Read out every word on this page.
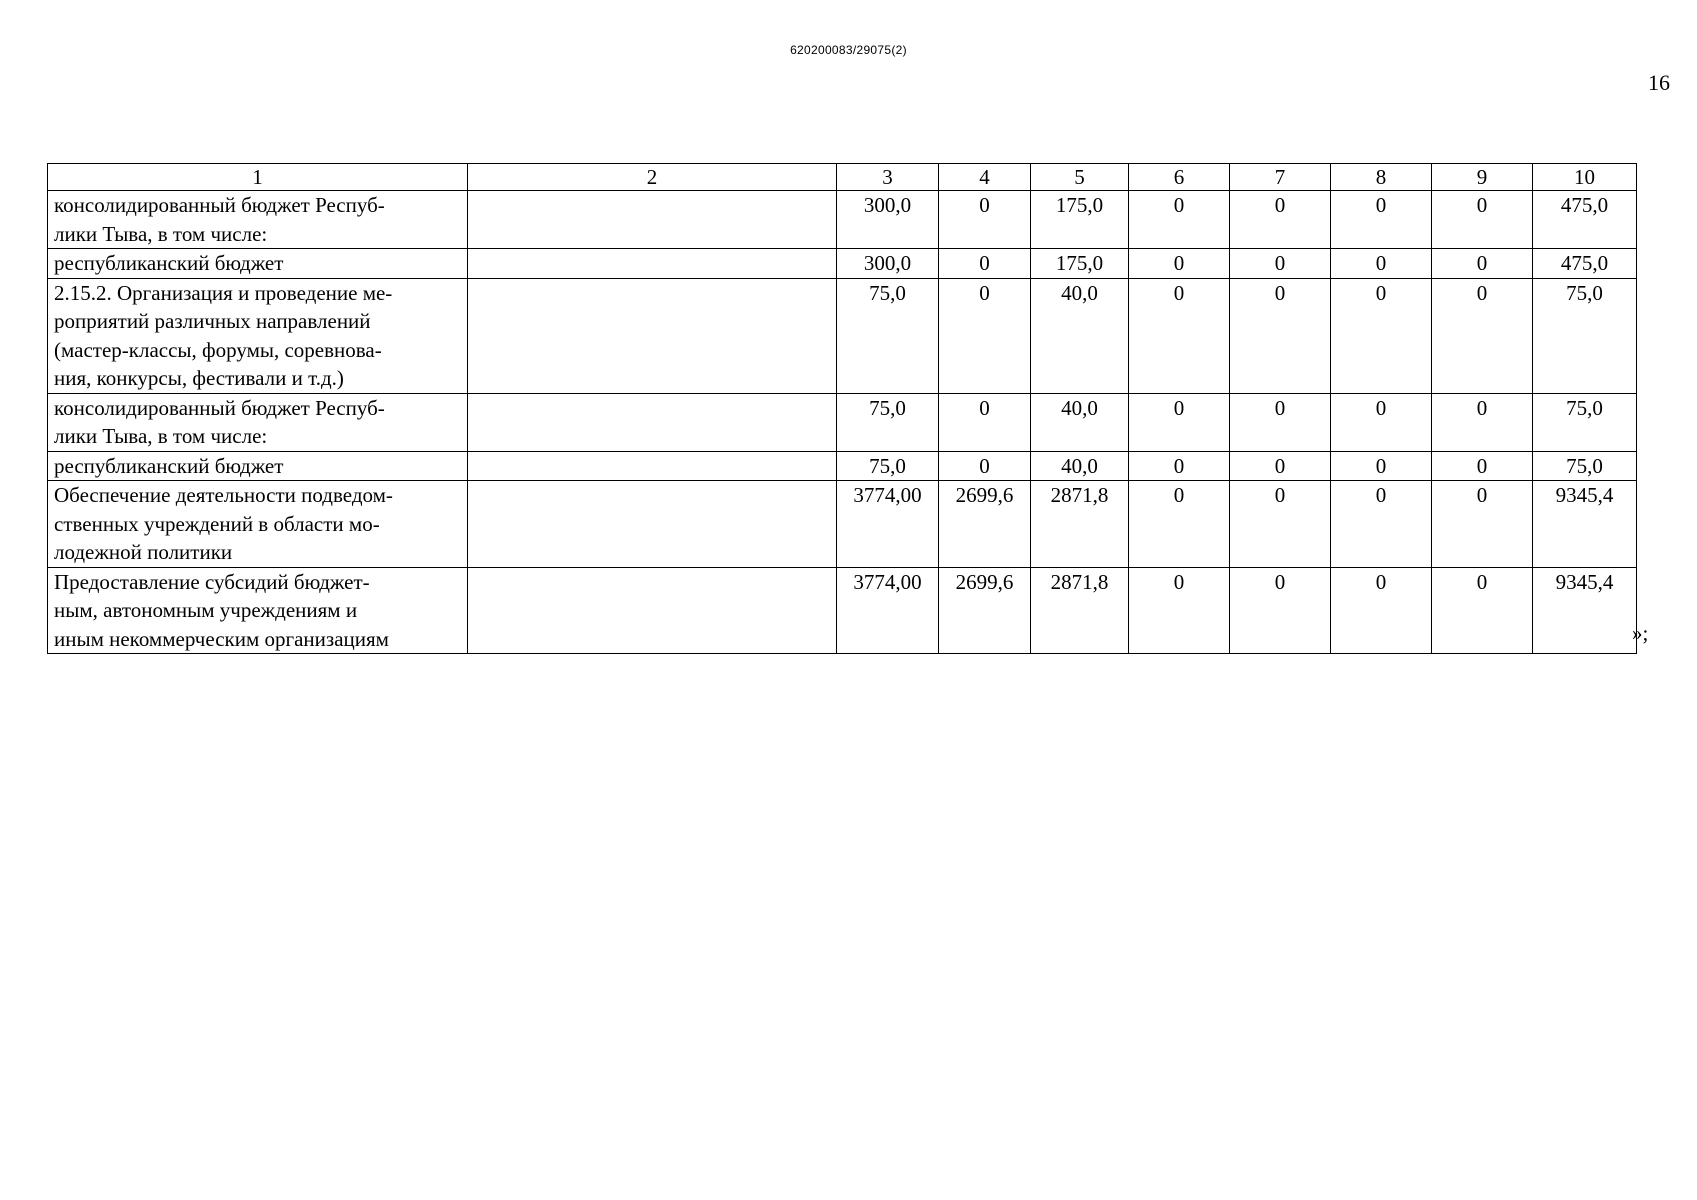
620200083/29075(2)
16
1	2	3	4	5	6	7	8	9	10

консолидированный бюджет Респуб-
лики Тыва, в том числе:		300,0	0	175,0	0	0	0	0	475,0

республиканский бюджет		300,0	0	175,0	0	0	0	0	475,0

2.15.2. Организация и проведение ме-
роприятий различных направлений
(мастер-классы, форумы, соревнова-
ния, конкурсы, фестивали и т.д.)		75,0	0	40,0	0	0	0	0	75,0

консолидированный бюджет Респуб-
лики Тыва, в том числе:		75,0	0	40,0	0	0	0	0	75,0

республиканский бюджет		75,0	0	40,0	0	0	0	0	75,0

Обеспечение деятельности подведом-
ственных учреждений в области мо-
лодежной политики		3774,00	2699,6	2871,8	0	0	0	0	9345,4

Предоставление субсидий бюджет-
ным, автономным учреждениям и
иным некоммерческим организациям		3774,00	2699,6	2871,8	0	0	0	0	9345,4
»;
